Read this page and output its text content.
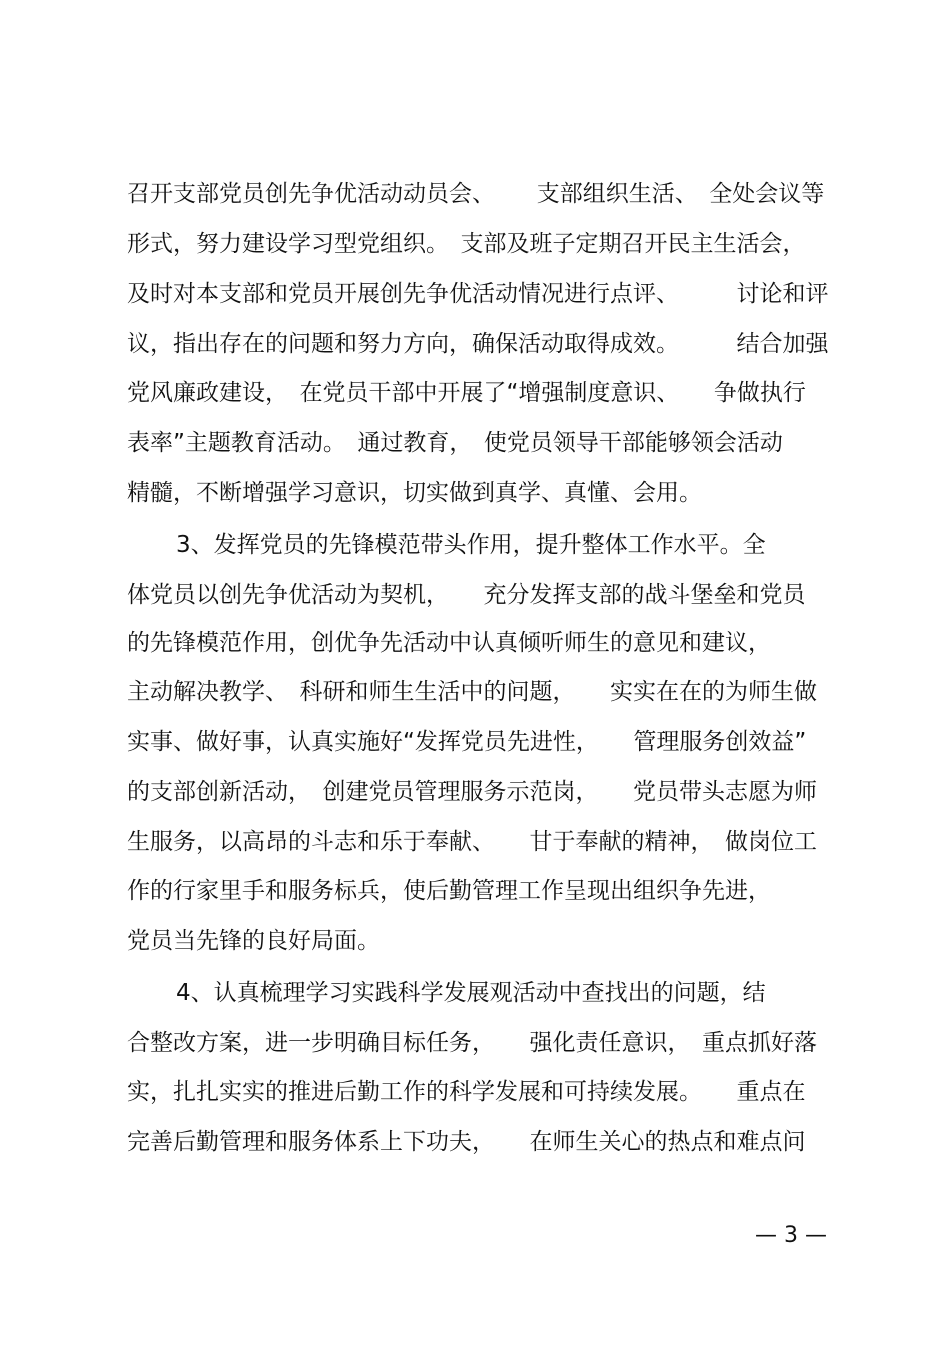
召开支部党员创先争优活动动员会、　　 支部组织生活、　全处会议等
形式，努力建设学习型党组织。　支部及班子定期召开民主生活会，
及时对本支部和党员开展创先争优活动情况进行点评、　　　讨论和评
议，指出存在的问题和努力方向，确保活动取得成效。　　　结合加强
党风廉政建设，　在党员干部中开展了“增强制度意识、　　争做执行
表率”主题教育活动。　通过教育，　使党员领导干部能够领会活动
精髓，不断增强学习意识，切实做到真学、真懂、会用。
3、发挥党员的先锋模范带头作用，提升整体工作水平。全
体党员以创先争优活动为契机，　　充分发挥支部的战斗堡垒和党员
的先锋模范作用，创优争先活动中认真倾听师生的意见和建议，
主动解决教学、　科研和师生生活中的问题，　　实实在在的为师生做
实事、做好事，认真实施好“发挥党员先进性，　　管理服务创效益”
的支部创新活动，　创建党员管理服务示范岗，　　党员带头志愿为师
生服务，以高昂的斗志和乐于奉献、　　甘于奉献的精神，　做岗位工
作的行家里手和服务标兵，使后勤管理工作呈现出组织争先进，
党员当先锋的良好局面。
4、认真梳理学习实践科学发展观活动中查找出的问题，结
合整改方案，进一步明确目标任务，　　强化责任意识，　重点抓好落
实，扎扎实实的推进后勤工作的科学发展和可持续发展。　　重点在
完善后勤管理和服务体系上下功夫，　　在师生关心的热点和难点问
— 3 —
